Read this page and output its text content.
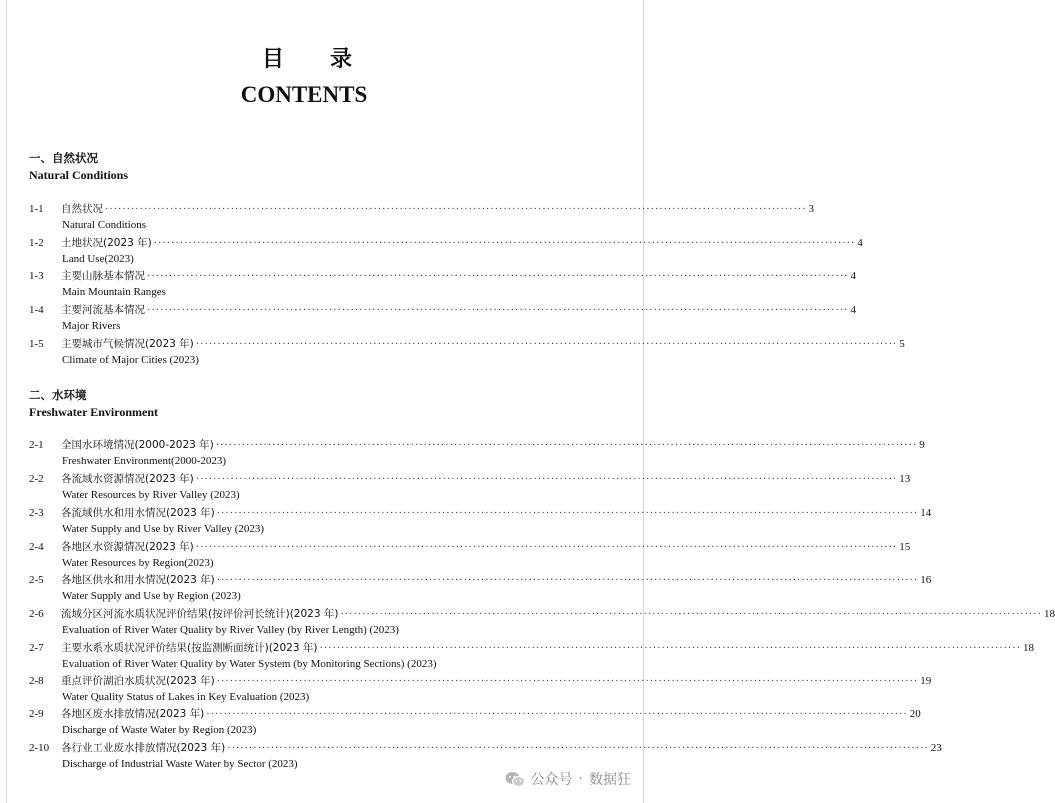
目录
CONTENTS
一、自然状况
Natural Conditions
1-1	自然状况 ·································································································································································· 3
Natural Conditions
1-2	土地状况(2023 年) ·································································································································································· 4
Land Use(2023)
1-3	主要山脉基本情况 ·································································································································································· 4
Main Mountain Ranges
1-4	主要河流基本情况 ·································································································································································· 4
Major Rivers
1-5	主要城市气候情况(2023 年) ·································································································································································· 5
Climate of Major Cities (2023)
二、水环境
Freshwater Environment
2-1	全国水环境情况(2000-2023 年) ·································································································································································· 9
Freshwater Environment(2000-2023)
2-2	各流域水资源情况(2023 年) ·································································································································································· 13
Water Resources by River Valley (2023)
2-3	各流域供水和用水情况(2023 年) ·································································································································································· 14
Water Supply and Use by River Valley (2023)
2-4	各地区水资源情况(2023 年) ·································································································································································· 15
Water Resources by Region(2023)
2-5	各地区供水和用水情况(2023 年) ·································································································································································· 16
Water Supply and Use by Region (2023)
2-6	流域分区河流水质状况评价结果(按评价河长统计)(2023 年) ·································································································································································· 18
Evaluation of River Water Quality by River Valley (by River Length) (2023)
2-7	主要水系水质状况评价结果(按监测断面统计)(2023 年) ·································································································································································· 18
Evaluation of River Water Quality by Water System (by Monitoring Sections) (2023)
2-8	重点评价湖泊水质状况(2023 年) ·································································································································································· 19
Water Quality Status of Lakes in Key Evaluation (2023)
2-9	各地区废水排放情况(2023 年) ·································································································································································· 20
Discharge of Waste Water by Region (2023)
2-10	各行业工业废水排放情况(2023 年) ·································································································································································· 23
Discharge of Industrial Waste Water by Sector (2023)
公众号 · 数据狂
